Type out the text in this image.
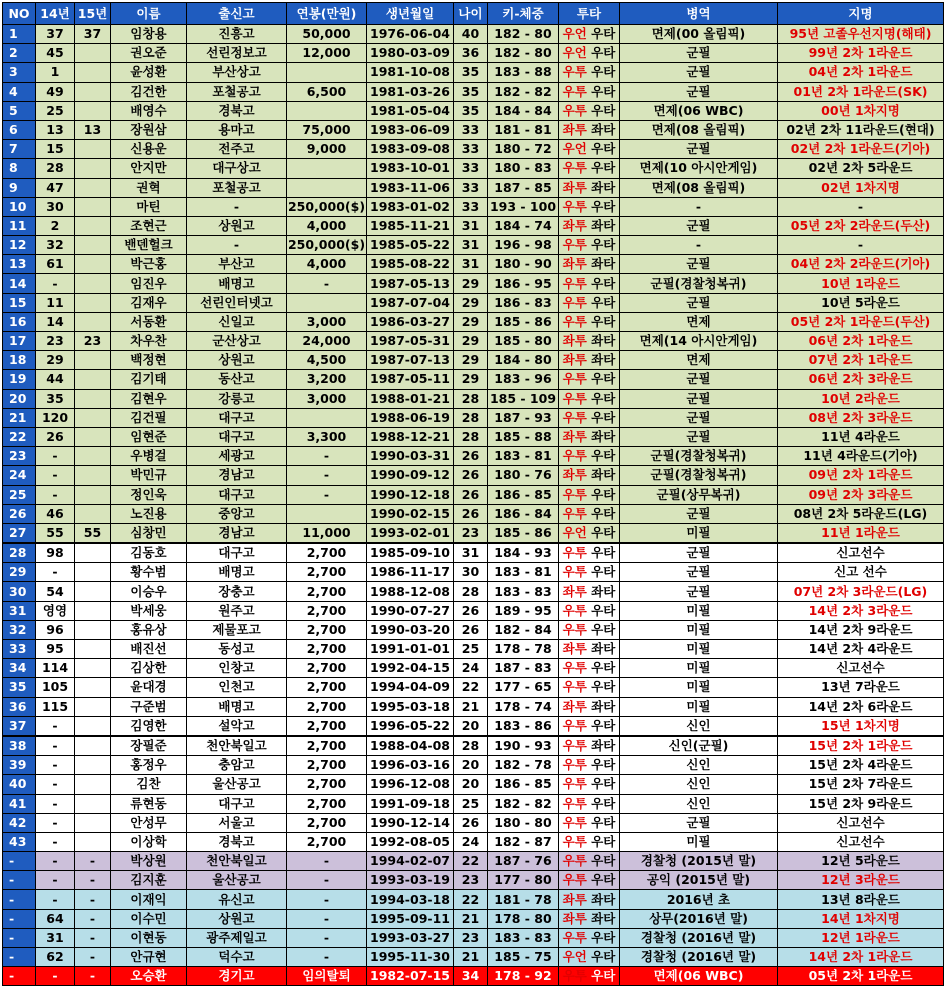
NO	14년	15년	이름	출신고	연봉(만원)	생년월일	나이	키-체중	투타	병역	지명
1	37	37	임창용	진흥고	50,000	1976-06-04	40	182 - 80	우언 우타	면제(00 올림픽)	95년 고졸우선지명(해태)
2	45		권오준	선린정보고	12,000	1980-03-09	36	182 - 80	우언 우타	군필	99년 2차 1라운드
3	1		윤성환	부산상고		1981-10-08	35	183 - 88	우투 우타	군필	04년 2차 1라운드
4	49		김건한	포철공고	6,500	1981-03-26	35	182 - 82	우투 우타	군필	01년 2차 1라운드(SK)
5	25		배영수	경북고		1981-05-04	35	184 - 84	우투 우타	면제(06 WBC)	00년 1차지명
6	13	13	장원삼	용마고	75,000	1983-06-09	33	181 - 81	좌투 좌타	면제(08 올림픽)	02년 2차 11라운드(현대)
7	15		신용운	전주고	9,000	1983-09-08	33	180 - 72	우언 우타	군필	02년 2차 1라운드(기아)
8	28		안지만	대구상고		1983-10-01	33	180 - 83	우투 우타	면제(10 아시안게임)	02년 2차 5라운드
9	47		권혁	포철공고		1983-11-06	33	187 - 85	좌투 좌타	면제(08 올림픽)	02년 1차지명
10	30		마틴	-	250,000($)	1983-01-02	33	193 - 100	우투 우타	-	-
11	2		조현근	상원고	4,000	1985-11-21	31	184 - 74	좌투 좌타	군필	05년 2차 2라운드(두산)
12	32		밴덴헐크	-	250,000($)	1985-05-22	31	196 - 98	우투 우타	-	-
13	61		박근홍	부산고	4,000	1985-08-22	31	180 - 90	좌투 좌타	군필	04년 2차 2라운드(기아)
14	-		임진우	배명고	-	1987-05-13	29	186 - 95	우투 우타	군필(경찰청복귀)	10년 1라운드
15	11		김재우	선린인터넷고		1987-07-04	29	186 - 83	우투 우타	군필	10년 5라운드
16	14		서동환	신일고	3,000	1986-03-27	29	185 - 86	우투 우타	면제	05년 2차 1라운드(두산)
17	23	23	차우찬	군산상고	24,000	1987-05-31	29	185 - 80	좌투 좌타	면제(14 아시안게임)	06년 2차 1라운드
18	29		백정현	상원고	4,500	1987-07-13	29	184 - 80	좌투 좌타	면제	07년 2차 1라운드
19	44		김기태	동산고	3,200	1987-05-11	29	183 - 96	우투 우타	군필	06년 2차 3라운드
20	35		김현우	강릉고	3,000	1988-01-21	28	185 - 109	우투 우타	군필	10년 2라운드
21	120		김건필	대구고		1988-06-19	28	187 - 93	우투 우타	군필	08년 2차 3라운드
22	26		임현준	대구고	3,300	1988-12-21	28	185 - 88	좌투 좌타	군필	11년 4라운드
23	-		우병걸	세광고	-	1990-03-31	26	183 - 81	우투 우타	군필(경찰청복귀)	11년 4라운드(기아)
24	-		박민규	경남고	-	1990-09-12	26	180 - 76	좌투 좌타	군필(경찰청복귀)	09년 2차 1라운드
25	-		정인욱	대구고	-	1990-12-18	26	186 - 85	우투 우타	군필(상무복귀)	09년 2차 3라운드
26	46		노진용	중앙고		1990-02-15	26	186 - 84	우투 우타	군필	08년 2차 5라운드(LG)
27	55	55	심창민	경남고	11,000	1993-02-01	23	185 - 86	우언 우타	미필	11년 1라운드
28	98		김동호	대구고	2,700	1985-09-10	31	184 - 93	우투 우타	군필	신고선수
29	-		황수범	배명고	2,700	1986-11-17	30	183 - 81	우투 우타	군필	신고 선수
30	54		이승우	장충고	2,700	1988-12-08	28	183 - 83	좌투 좌타	군필	07년 2차 3라운드(LG)
31	영영		박세웅	원주고	2,700	1990-07-27	26	189 - 95	우투 우타	미필	14년 2차 3라운드
32	96		홍유상	제물포고	2,700	1990-03-20	26	182 - 84	우투 우타	미필	14년 2차 9라운드
33	95		배진선	동성고	2,700	1991-01-01	25	178 - 78	좌투 좌타	미필	14년 2차 4라운드
34	114		김상한	인창고	2,700	1992-04-15	24	187 - 83	우투 우타	미필	신고선수
35	105		윤대경	인천고	2,700	1994-04-09	22	177 - 65	우투 우타	미필	13년 7라운드
36	115		구준범	배명고	2,700	1995-03-18	21	178 - 74	좌투 좌타	미필	14년 2차 6라운드
37	-		김영한	설악고	2,700	1996-05-22	20	183 - 86	우투 우타	신인	15년 1차지명
38	-		장필준	천안북일고	2,700	1988-04-08	28	190 - 93	우투 좌타	신인(군필)	15년 2차 1라운드
39	-		홍정우	충암고	2,700	1996-03-16	20	182 - 78	우투 우타	신인	15년 2차 4라운드
40	-		김찬	울산공고	2,700	1996-12-08	20	186 - 85	우투 우타	신인	15년 2차 7라운드
41	-		류현동	대구고	2,700	1991-09-18	25	182 - 82	우투 우타	신인	15년 2차 9라운드
42	-		안성무	서울고	2,700	1990-12-14	26	180 - 80	우투 우타	군필	신고선수
43	-		이상학	경북고	2,700	1992-08-05	24	182 - 87	우투 우타	미필	신고선수
-	-	-	박상원	천안북일고	-	1994-02-07	22	187 - 76	우투 우타	경찰청 (2015년 말)	12년 5라운드
-	-	-	김지훈	울산공고	-	1993-03-19	23	177 - 80	우투 우타	공익 (2015년 말)	12년 3라운드
-	-	-	이재익	유신고	-	1994-03-18	22	181 - 78	좌투 좌타	2016년 초	13년 8라운드
-	64	-	이수민	상원고	-	1995-09-11	21	178 - 80	좌투 좌타	상무(2016년 말)	14년 1차지명
-	31	-	이현동	광주제일고	-	1993-03-27	23	183 - 83	우투 우타	경찰청 (2016년 말)	12년 1라운드
-	62	-	안규현	덕수고	-	1995-11-30	21	185 - 75	우언 우타	경찰청 (2016년 말)	14년 2차 1라운드
-	-	-	오승환	경기고	임의탈퇴	1982-07-15	34	178 - 92	우투 우타	면제(06 WBC)	05년 2차 1라운드
